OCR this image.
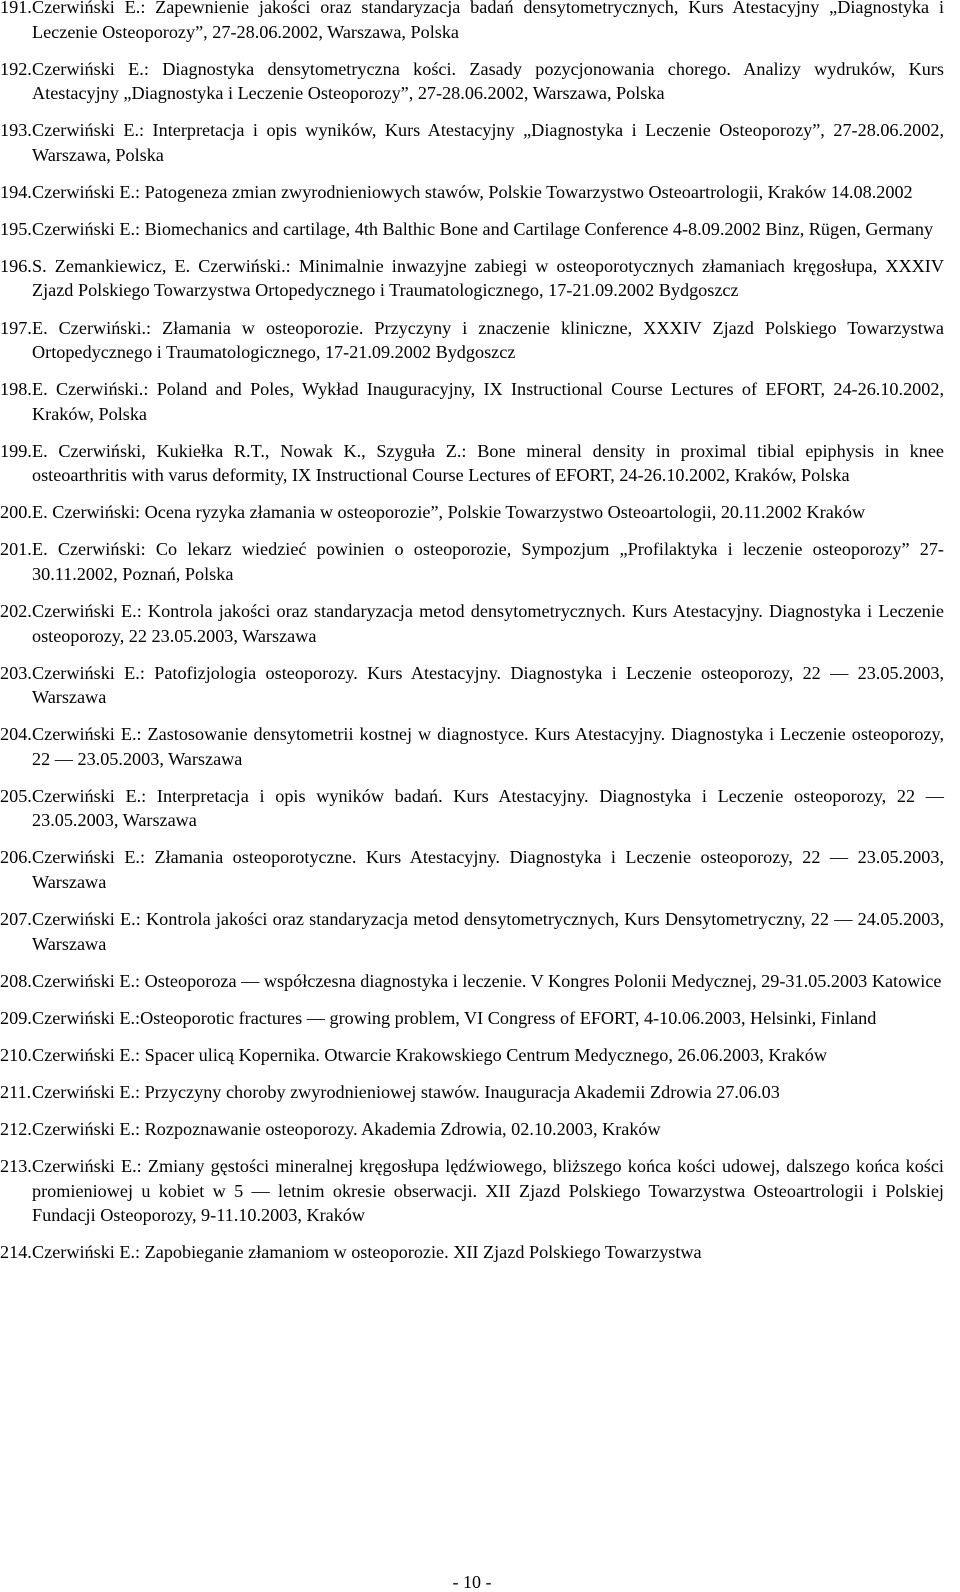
191. Czerwiński E.: Zapewnienie jakości oraz standaryzacja badań densytometrycznych, Kurs Atestacyjny „Diagnostyka i Leczenie Osteoporozy”, 27-28.06.2002, Warszawa, Polska
192. Czerwiński E.: Diagnostyka densytometryczna kości. Zasady pozycjonowania chorego. Analizy wydruków, Kurs Atestacyjny „Diagnostyka i Leczenie Osteoporozy”, 27-28.06.2002, Warszawa, Polska
193. Czerwiński E.: Interpretacja i opis wyników, Kurs Atestacyjny „Diagnostyka i Leczenie Osteoporozy”, 27-28.06.2002, Warszawa, Polska
194. Czerwiński E.: Patogeneza zmian zwyrodnieniowych stawów, Polskie Towarzystwo Osteoartrologii, Kraków 14.08.2002
195. Czerwiński E.: Biomechanics and cartilage, 4th Balthic Bone and Cartilage Conference 4-8.09.2002 Binz, Rügen, Germany
196. S. Zemankiewicz, E. Czerwiński.: Minimalnie inwazyjne zabiegi w osteoporotycznych złamaniach kręgosłupa, XXXIV Zjazd Polskiego Towarzystwa Ortopedycznego i Traumatologicznego, 17-21.09.2002 Bydgoszcz
197. E. Czerwiński.: Złamania w osteoporozie. Przyczyny i znaczenie kliniczne, XXXIV Zjazd Polskiego Towarzystwa Ortopedycznego i Traumatologicznego, 17-21.09.2002 Bydgoszcz
198. E. Czerwiński.: Poland and Poles, Wykład Inauguracyjny, IX Instructional Course Lectures of EFORT, 24-26.10.2002, Kraków, Polska
199. E. Czerwiński, Kukiełka R.T., Nowak K., Szyguła Z.: Bone mineral density in proximal tibial epiphysis in knee osteoarthritis with varus deformity, IX Instructional Course Lectures of EFORT, 24-26.10.2002, Kraków, Polska
200. E. Czerwiński: Ocena ryzyka złamania w osteoporozie”, Polskie Towarzystwo Osteoartologii, 20.11.2002 Kraków
201. E. Czerwiński: Co lekarz wiedzieć powinien o osteoporozie, Sympozjum „Profilaktyka i leczenie osteoporozy” 27-30.11.2002, Poznań, Polska
202. Czerwiński E.: Kontrola jakości oraz standaryzacja metod densytometrycznych. Kurs Atestacyjny. Diagnostyka i Leczenie osteoporozy, 22 23.05.2003, Warszawa
203. Czerwiński E.: Patofizjologia osteoporozy. Kurs Atestacyjny. Diagnostyka i Leczenie osteoporozy, 22 — 23.05.2003, Warszawa
204. Czerwiński E.: Zastosowanie densytometrii kostnej w diagnostyce. Kurs Atestacyjny. Diagnostyka i Leczenie osteoporozy, 22 — 23.05.2003, Warszawa
205. Czerwiński E.: Interpretacja i opis wyników badań. Kurs Atestacyjny. Diagnostyka i Leczenie osteoporozy, 22 — 23.05.2003, Warszawa
206. Czerwiński E.: Złamania osteoporotyczne. Kurs Atestacyjny. Diagnostyka i Leczenie osteoporozy, 22 — 23.05.2003, Warszawa
207. Czerwiński E.: Kontrola jakości oraz standaryzacja metod densytometrycznych, Kurs Densytometryczny, 22 — 24.05.2003, Warszawa
208. Czerwiński E.: Osteoporoza — współczesna diagnostyka i leczenie. V Kongres Polonii Medycznej, 29-31.05.2003 Katowice
209. Czerwiński E.:Osteoporotic fractures — growing problem, VI Congress of EFORT, 4-10.06.2003, Helsinki, Finland
210. Czerwiński E.: Spacer ulicą Kopernika. Otwarcie Krakowskiego Centrum Medycznego, 26.06.2003, Kraków
211. Czerwiński E.: Przyczyny choroby zwyrodnieniowej stawów. Inauguracja Akademii Zdrowia 27.06.03
212. Czerwiński E.: Rozpoznawanie osteoporozy. Akademia Zdrowia, 02.10.2003, Kraków
213. Czerwiński E.: Zmiany gęstości mineralnej kręgosłupa lędźwiowego, bliższego końca kości udowej, dalszego końca kości promieniowej u kobiet w 5 — letnim okresie obserwacji. XII Zjazd Polskiego Towarzystwa Osteoartrologii i Polskiej Fundacji Osteoporozy, 9-11.10.2003, Kraków
214. Czerwiński E.: Zapobieganie złamaniom w osteoporozie. XII Zjazd Polskiego Towarzystwa
- 10 -
